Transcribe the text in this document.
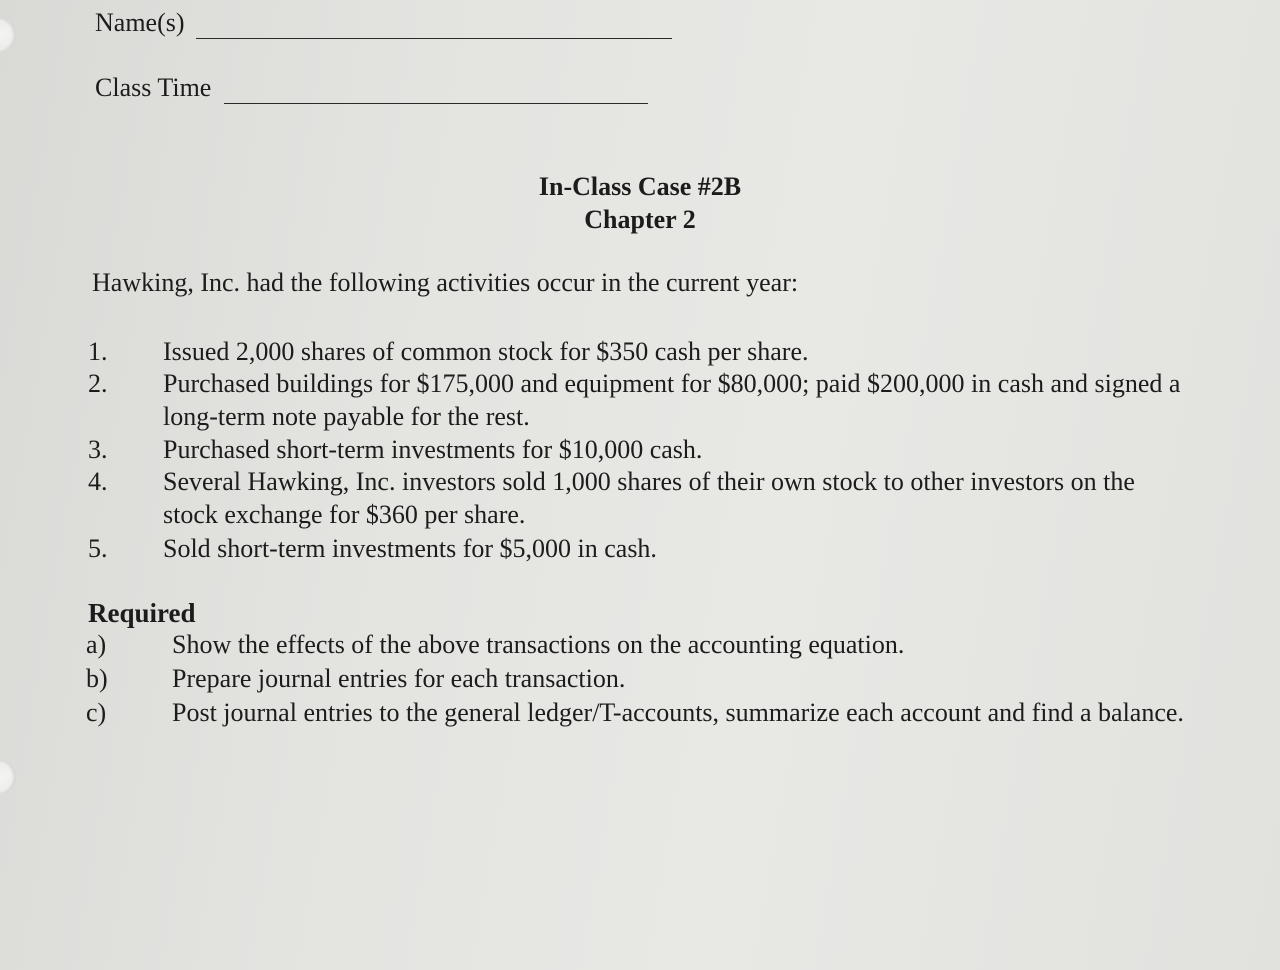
Name(s)
Class Time
In-Class Case #2B
Chapter 2
Hawking, Inc. had the following activities occur in the current year:
1. Issued 2,000 shares of common stock for $350 cash per share.
2. Purchased buildings for $175,000 and equipment for $80,000; paid $200,000 in cash and signed a long-term note payable for the rest.
3. Purchased short-term investments for $10,000 cash.
4. Several Hawking, Inc. investors sold 1,000 shares of their own stock to other investors on the stock exchange for $360 per share.
5. Sold short-term investments for $5,000 in cash.
Required
a)	Show the effects of the above transactions on the accounting equation.
b) Prepare journal entries for each transaction.
c)	Post journal entries to the general ledger/T-accounts, summarize each account and find a balance.
